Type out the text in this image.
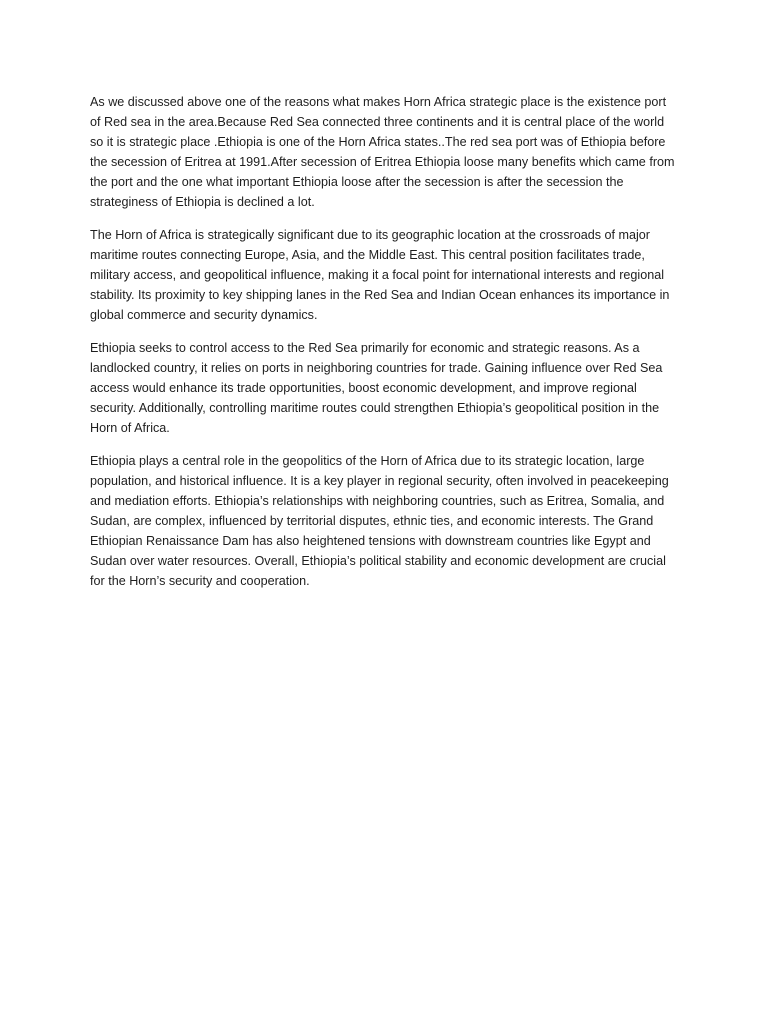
As we discussed above one of the reasons what makes Horn Africa strategic place is the existence port of Red sea in the area.Because Red Sea connected three continents and it is central place of the world so it is strategic place .Ethiopia is one of the Horn Africa states..The red sea port was of Ethiopia before the secession of Eritrea at 1991.After secession of Eritrea Ethiopia loose many benefits which came from the port and the one what important Ethiopia loose after the secession is after the secession the strateginess of Ethiopia is declined a lot.

The Horn of Africa is strategically significant due to its geographic location at the crossroads of major maritime routes connecting Europe, Asia, and the Middle East. This central position facilitates trade, military access, and geopolitical influence, making it a focal point for international interests and regional stability. Its proximity to key shipping lanes in the Red Sea and Indian Ocean enhances its importance in global commerce and security dynamics.

Ethiopia seeks to control access to the Red Sea primarily for economic and strategic reasons. As a landlocked country, it relies on ports in neighboring countries for trade. Gaining influence over Red Sea access would enhance its trade opportunities, boost economic development, and improve regional security. Additionally, controlling maritime routes could strengthen Ethiopia’s geopolitical position in the Horn of Africa.

Ethiopia plays a central role in the geopolitics of the Horn of Africa due to its strategic location, large population, and historical influence. It is a key player in regional security, often involved in peacekeeping and mediation efforts. Ethiopia’s relationships with neighboring countries, such as Eritrea, Somalia, and Sudan, are complex, influenced by territorial disputes, ethnic ties, and economic interests. The Grand Ethiopian Renaissance Dam has also heightened tensions with downstream countries like Egypt and Sudan over water resources. Overall, Ethiopia’s political stability and economic development are crucial for the Horn’s security and cooperation.
